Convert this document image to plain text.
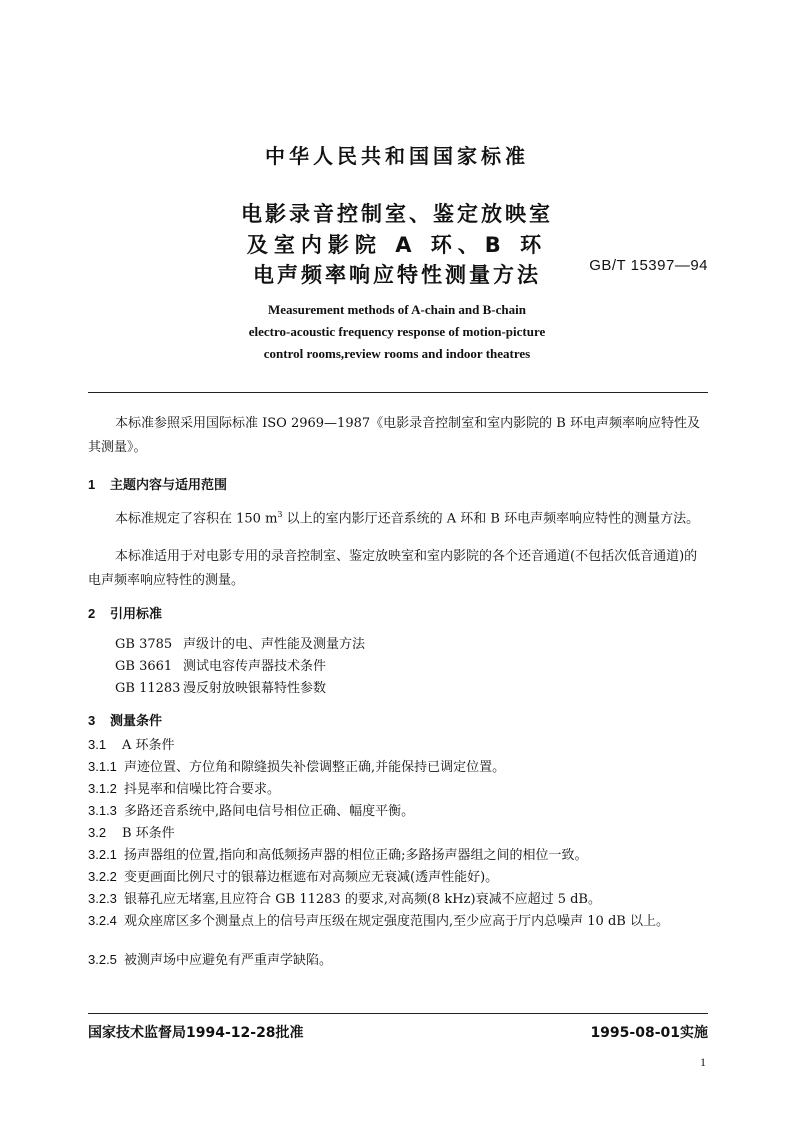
中华人民共和国国家标准
电影录音控制室、鉴定放映室
及室内影院 A 环、B 环
电声频率响应特性测量方法	GB/T 15397—94
Measurement methods of A-chain and B-chain
electro-acoustic frequency response of motion-picture
control rooms,review rooms and indoor theatres
本标准参照采用国际标准 ISO 2969—1987《电影录音控制室和室内影院的 B 环电声频率响应特性及其测量》。
1 主题内容与适用范围
本标准规定了容积在 150 $m^3$ 以上的室内影厅还音系统的 A 环和 B 环电声频率响应特性的测量方法。
本标准适用于对电影专用的录音控制室、鉴定放映室和室内影院的各个还音通道(不包括次低音通道)的电声频率响应特性的测量。
2 引用标准
GB 3785 声级计的电、声性能及测量方法
GB 3661 测试电容传声器技术条件
GB 11283 漫反射放映银幕特性参数
3 测量条件
3.1 A 环条件
3.1.1 声迹位置、方位角和隙缝损失补偿调整正确,并能保持已调定位置。
3.1.2 抖晃率和信噪比符合要求。
3.1.3 多路还音系统中,路间电信号相位正确、幅度平衡。
3.2 B 环条件
3.2.1 扬声器组的位置,指向和高低频扬声器的相位正确;多路扬声器组之间的相位一致。
3.2.2 变更画面比例尺寸的银幕边框遮布对高频应无衰减(透声性能好)。
3.2.3 银幕孔应无堵塞,且应符合 GB 11283 的要求,对高频(8 kHz)衰减不应超过 5 dB。
3.2.4 观众座席区多个测量点上的信号声压级在规定强度范围内,至少应高于厅内总噪声 10 dB 以上。
3.2.5 被测声场中应避免有严重声学缺陷。
国家技术监督局1994-12-28批准	1995-08-01实施
1
